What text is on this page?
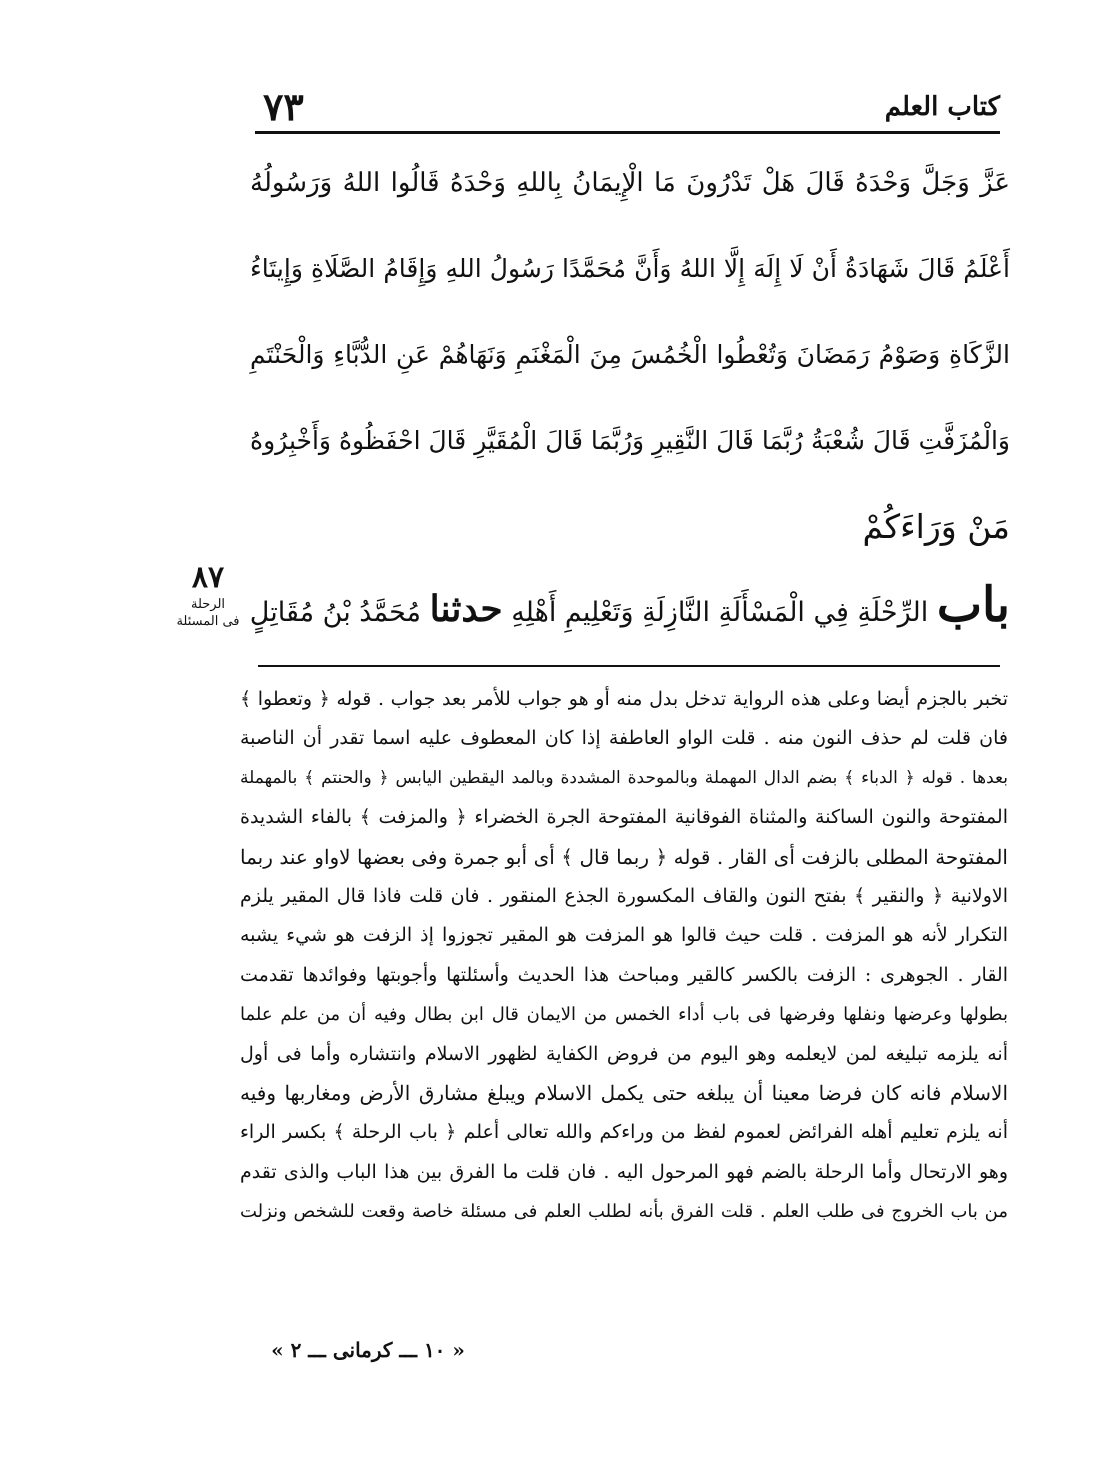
كتاب العلم
٧٣
عَزَّ وَجَلَّ وَحْدَهُ قَالَ هَلْ تَدْرُونَ مَا الْإِيمَانُ بِاللهِ وَحْدَهُ قَالُوا اللهُ وَرَسُولُهُ
أَعْلَمُ قَالَ شَهَادَةُ أَنْ لَا إِلَهَ إِلَّا اللهُ وَأَنَّ مُحَمَّدًا رَسُولُ اللهِ وَإِقَامُ الصَّلَاةِ وَإِيتَاءُ
الزَّكَاةِ وَصَوْمُ رَمَضَانَ وَتُعْطُوا الْخُمُسَ مِنَ الْمَغْنَمِ وَنَهَاهُمْ عَنِ الدُّبَّاءِ وَالْحَنْتَمِ
وَالْمُزَفَّتِ قَالَ شُعْبَةُ رُبَّمَا قَالَ النَّقِيرِ وَرُبَّمَا قَالَ الْمُقَيَّرِ قَالَ احْفَظُوهُ وَأَخْبِرُوهُ
مَنْ وَرَاءَكُمْ
باب الرِّحْلَةِ فِي الْمَسْأَلَةِ النَّازِلَةِ وَتَعْلِيمِ أَهْلِهِ حدثنا مُحَمَّدُ بْنُ مُقَاتِلٍ
٨٧
الرحلة
فى المسئلة
تخبر بالجزم أيضا وعلى هذه الرواية تدخل بدل منه أو هو جواب للأمر بعد جواب . قوله ﴿ وتعطوا ﴾
فان قلت لم حذف النون منه . قلت الواو العاطفة إذا كان المعطوف عليه اسما تقدر أن الناصبة
بعدها . قوله ﴿ الدباء ﴾ بضم الدال المهملة وبالموحدة المشددة وبالمد اليقطين اليابس ﴿ والحنتم ﴾ بالمهملة
المفتوحة والنون الساكنة والمثناة الفوقانية المفتوحة الجرة الخضراء ﴿ والمزفت ﴾ بالفاء الشديدة
المفتوحة المطلى بالزفت أى القار . قوله ﴿ ربما قال ﴾ أى أبو جمرة وفى بعضها لاواو عند ربما
الاولانية ﴿ والنقير ﴾ بفتح النون والقاف المكسورة الجذع المنقور . فان قلت فاذا قال المقير يلزم
التكرار لأنه هو المزفت . قلت حيث قالوا هو المزفت هو المقير تجوزوا إذ الزفت هو شيء يشبه
القار . الجوهرى : الزفت بالكسر كالقير ومباحث هذا الحديث وأسئلتها وأجوبتها وفوائدها تقدمت
بطولها وعرضها ونفلها وفرضها فى باب أداء الخمس من الايمان قال ابن بطال وفيه أن من علم علما
أنه يلزمه تبليغه لمن لايعلمه وهو اليوم من فروض الكفاية لظهور الاسلام وانتشاره وأما فى أول
الاسلام فانه كان فرضا معينا أن يبلغه حتى يكمل الاسلام ويبلغ مشارق الأرض ومغاربها وفيه
أنه يلزم تعليم أهله الفرائض لعموم لفظ من وراءكم والله تعالى أعلم ﴿ باب الرحلة ﴾ بكسر الراء
وهو الارتحال وأما الرحلة بالضم فهو المرحول اليه . فان قلت ما الفرق بين هذا الباب والذى تقدم
من باب الخروج فى طلب العلم . قلت الفرق بأنه لطلب العلم فى مسئلة خاصة وقعت للشخص ونزلت
« ١٠ ـــ كرمانى ـــ ٢ »
